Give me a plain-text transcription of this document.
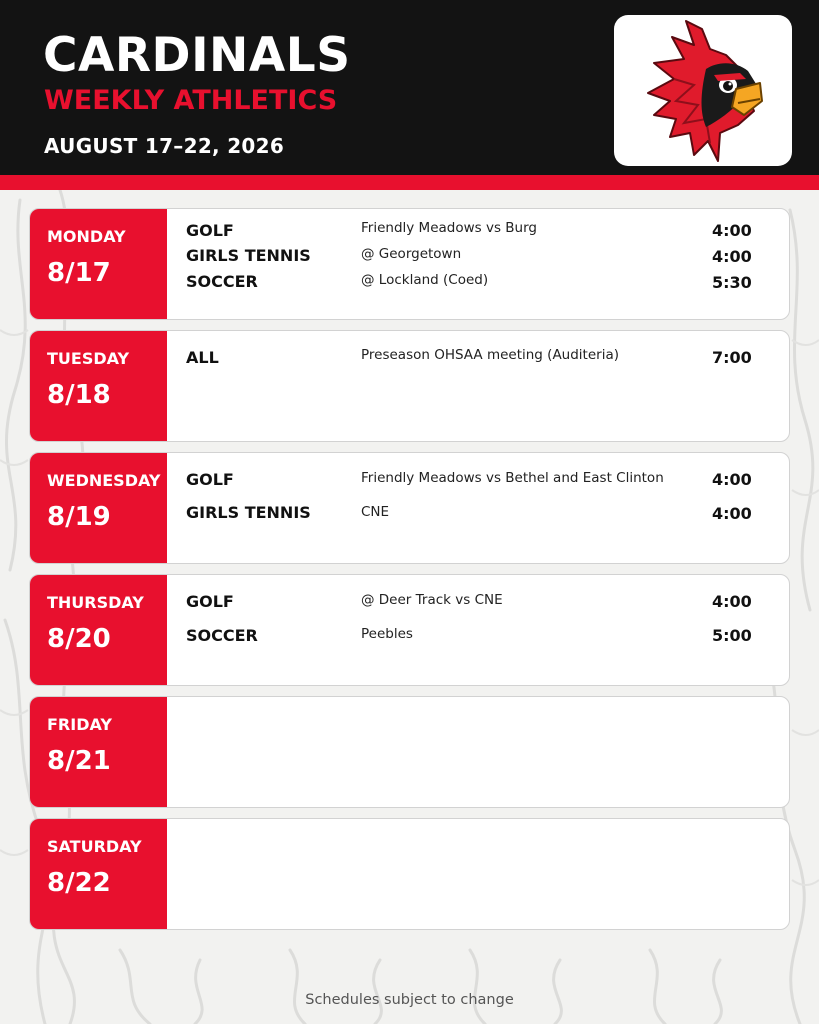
CARDINALS
WEEKLY ATHLETICS
AUGUST 17–22, 2026
MONDAY
8/17
GOLF	Friendly Meadows vs Burg	4:00
GIRLS TENNIS	@ Georgetown	4:00
SOCCER	@ Lockland (Coed)	5:30
TUESDAY
8/18
ALL	Preseason OHSAA meeting (Auditeria)	7:00
WEDNESDAY
8/19
GOLF	Friendly Meadows vs Bethel and East Clinton	4:00
GIRLS TENNIS	CNE	4:00
THURSDAY
8/20
GOLF	@ Deer Track vs CNE	4:00
SOCCER	Peebles	5:00
FRIDAY
8/21
SATURDAY
8/22
Schedules subject to change
